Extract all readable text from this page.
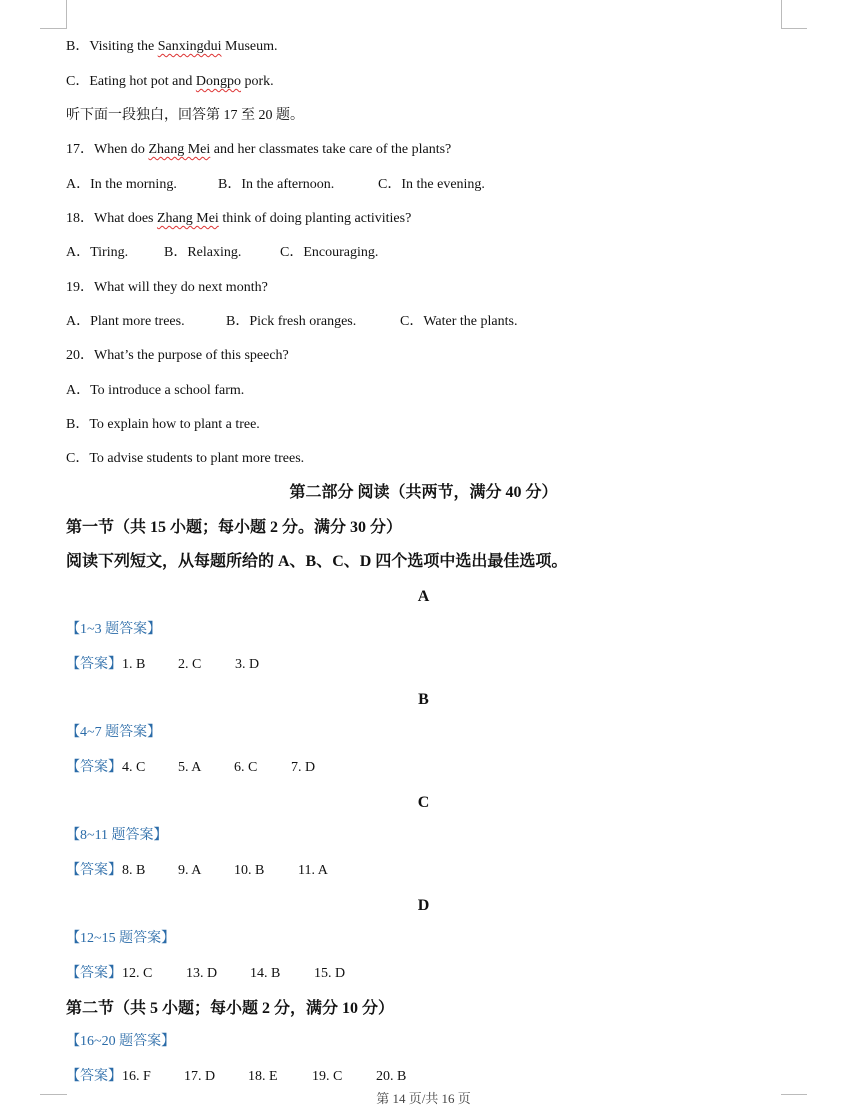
B．Visiting the Sanxingdui Museum.
C．Eating hot pot and Dongpo pork.
听下面一段独白，回答第 17 至 20 题。
17．When do Zhang Mei and her classmates take care of the plants?
A．In the morning.	B．In the afternoon.	C．In the evening.
18．What does Zhang Mei think of doing planting activities?
A．Tiring.	B．Relaxing.	C．Encouraging.
19．What will they do next month?
A．Plant more trees.	B．Pick fresh oranges.	C．Water the plants.
20．What’s the purpose of this speech?
A．To introduce a school farm.
B．To explain how to plant a tree.
C．To advise students to plant more trees.
第二部分 阅读（共两节，满分 40 分）
第一节（共 15 小题；每小题 2 分。满分 30 分）
阅读下列短文，从每题所给的 A、B、C、D 四个选项中选出最佳选项。
A
【1~3 题答案】
【答案】1. B 2. C 3. D
B
【4~7 题答案】
【答案】4. C 5. A 6. C 7. D
C
【8~11 题答案】
【答案】8. B 9. A 10. B 11. A
D
【12~15 题答案】
【答案】12. C 13. D 14. B 15. D
第二节（共 5 小题；每小题 2 分，满分 10 分）
【16~20 题答案】
【答案】16. F 17. D 18. E 19. C 20. B
第 14 页/共 16 页
